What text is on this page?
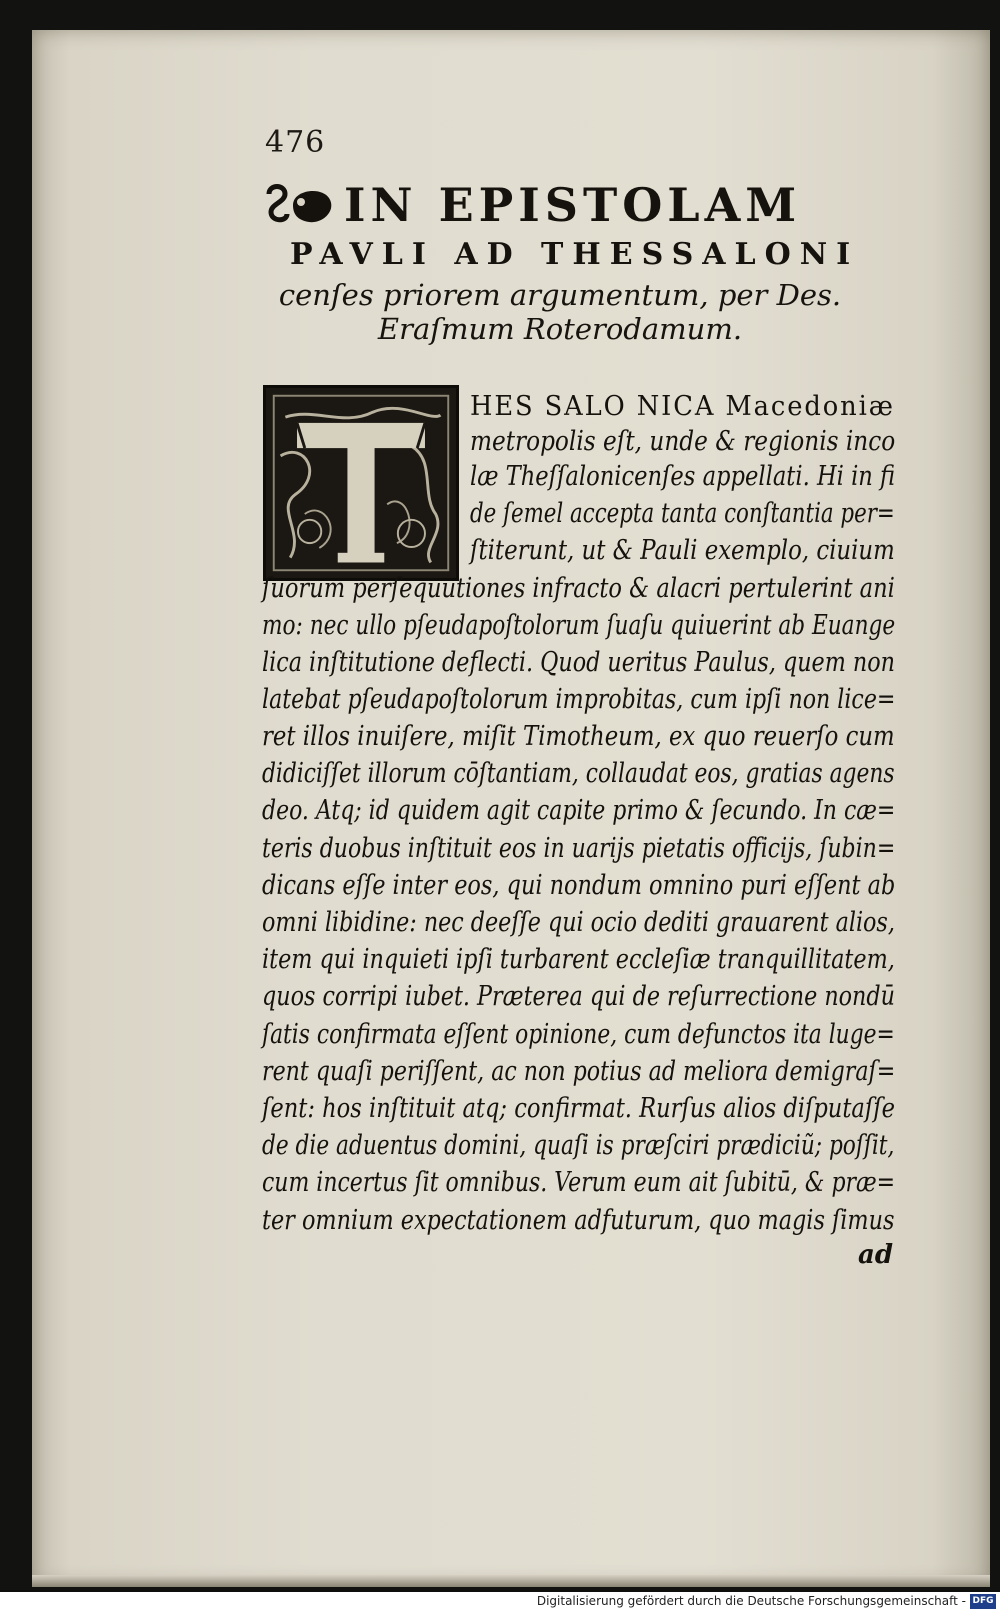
476
IN EPISTOLAM
PAVLI AD THESSALONI
cenſes priorem argumentum, per Des.
Eraſmum Roterodamum.
HES SALO NICA Macedoniæ
metropolis eſt, unde & regionis inco
læ Theſſalonicenſes appellati. Hi in fi
de ſemel accepta tanta conſtantia per=
ſtiterunt, ut & Pauli exemplo, ciuium
ſuorum perſequutiones infracto & alacri pertulerint ani
mo: nec ullo pſeudapoſtolorum ſuaſu quiuerint ab Euange
lica inſtitutione deflecti. Quod ueritus Paulus, quem non
latebat pſeudapoſtolorum improbitas, cum ipſi non lice=
ret illos inuiſere, miſit Timotheum, ex quo reuerſo cum
didiciſſet illorum cōſtantiam, collaudat eos, gratias agens
deo. Atq; id quidem agit capite primo & ſecundo. In cæ=
teris duobus inſtituit eos in uarijs pietatis officijs, ſubin=
dicans eſſe inter eos, qui nondum omnino puri eſſent ab
omni libidine: nec deeſſe qui ocio dediti grauarent alios,
item qui inquieti ipſi turbarent eccleſiæ tranquillitatem,
quos corripi iubet. Præterea qui de reſurrectione nondū
ſatis confirmata eſſent opinione, cum defunctos ita luge=
rent quaſi periſſent, ac non potius ad meliora demigraſ=
ſent: hos inſtituit atq; confirmat. Rurſus alios diſputaſſe
de die aduentus domini, quaſi is præſciri prædiciũ; poſſit,
cum incertus ſit omnibus. Verum eum ait ſubitū, & præ=
ter omnium expectationem adfuturum, quo magis ſimus
ad
Digitalisierung gefördert durch die Deutsche Forschungsgemeinschaft - DFG
